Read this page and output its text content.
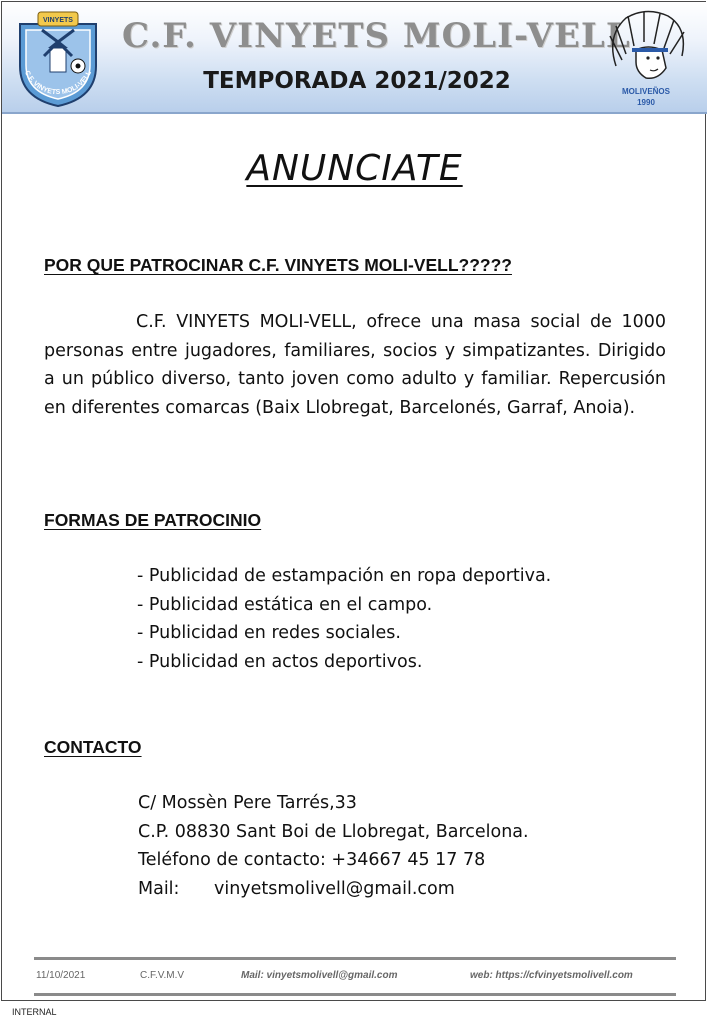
VINYETS
C.F. VINYETS MOLI-VELL
C.F. VINYETS MOLI-VELL
TEMPORADA 2021/2022	MOLIVEÑOS
1990
ANUNCIATE
POR QUE PATROCINAR C.F. VINYETS MOLI-VELL?????

C.F. VINYETS MOLI-VELL, ofrece una masa social de 1000 personas entre jugadores, familiares, socios y simpatizantes. Dirigido a un público diverso, tanto joven como adulto y familiar. Repercusión en diferentes comarcas (Baix Llobregat, Barcelonés, Garraf, Anoia).

FORMAS DE PATROCINIO
- Publicidad de estampación en ropa deportiva.
- Publicidad estática en el campo.
- Publicidad en redes sociales.
- Publicidad en actos deportivos.
CONTACTO
C/ Mossèn Pere Tarrés,33
C.P. 08830 Sant Boi de Llobregat, Barcelona.
Teléfono de contacto: +34667 45 17 78
Mail: vinyetsmolivell@gmail.com
11/10/2021	C.F.V.M.V	Mail: vinyetsmolivell@gmail.com	web: https://cfvinyetsmolivell.com
INTERNAL
